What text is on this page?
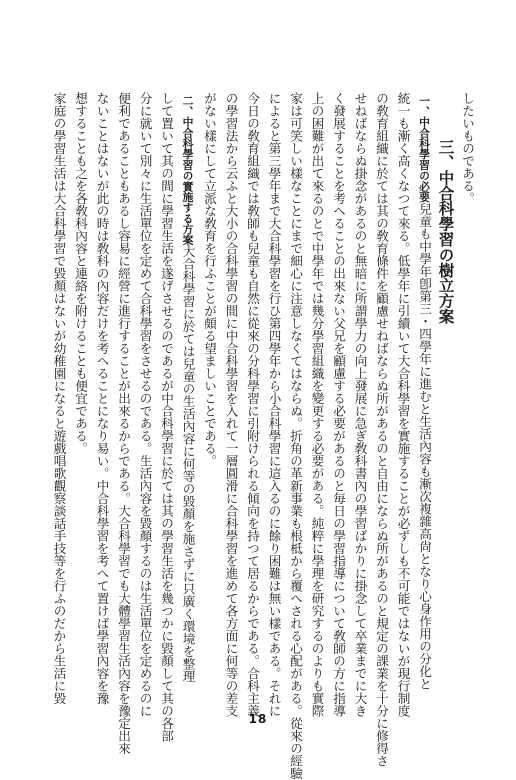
したいものである。
三、中合科學習の樹立方案
一、中合科學習の必要兒童も中學年卽第三・四學年に進むと生活內容も漸次複雜高尙となり心身作用の分化と
統一も漸く高くなつて來る。低學年に引續いて大合科學習を實施することが必ずしも不可能ではないが現行制度
の敎育組織に於ては其の敎育條件を顧慮せねばならぬ所があるのと自由にならぬ所があるのと規定の課業を十分に修得さ
せねばならぬ掛念があるのと無暗に所謂學力の向上發展に急ぎ敎科書內の學習ばかりに掛念して卒業までに大き
く發展することを考へることの出來ない父兄を顧慮する必要があるのと毎日の學習指導について敎師の方に指導
上の困難が出て來るのとで中學年では幾分學習組織を變更する必要がある。純粹に學理を研究するのよりも實際
家は可笑しい樣なことにまで細心に注意しなくてはならぬ。折角の革新事業も根柢から覆へされる心配がある。從來の經驗
によると第三學年まで大合科學習を行ひ第四學年から小合科學習に這入るのに餘り困難は無い樣である。それに
今日の敎育組織では敎師も兒童も自然に從來の分科學習に引附けられる傾向を持つて居るからである。合科主義
の學習法から云ふと大小の合科學習の間に中合科學習を入れて一層圓滑に合科學習を進めて各方面に何等の差支
がない樣にして立派な敎育を行ふことが頗る望ましいことである。
二、中合科學習の實施する方案大合科學習に於ては兒童の生活內容に何等の毀顏を施さずに只廣く環境を整理
して置いて其の間に學習生活を遂げさせるのであるが中合科學習に於ては其の學習生活を幾つかに毀顏して其の各部
分に就いて別々に生活單位を定めて合科學習をさせるのである。生活內容を毀顏するのは生活單位を定めるのに
便利であることもあるし容易に經營に進行することが出來るからである。大合科學習でも大體學習生活內容を豫定出來
ないことはないが此の時は敎科の內容だけを考へることになり易い。中合科學習を考へて置けば學習內容を豫
想することも之を各敎科內容と連絡を附けることも便宜である。
家庭の學習生活は大合科學習で毀顏はないが幼稚園になると遊戲唱歌觀察談話手技等を行ふのだから生活に毀
18
